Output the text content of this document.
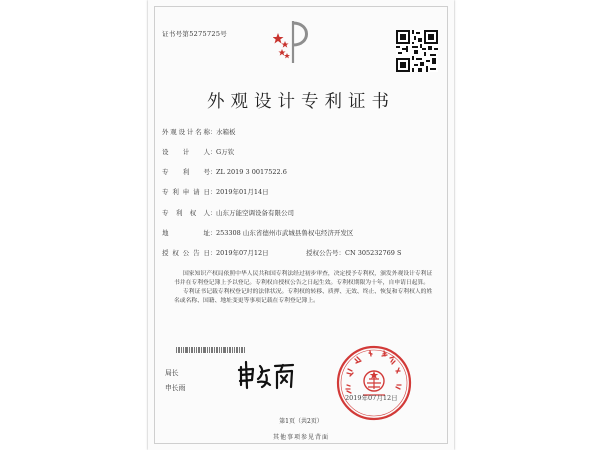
证书号第5275725号
外观设计专利证书
外观设计名称：水箱板
设计人：G万钦
专利号：ZL 2019 3 0017522.6
专利申请日：2019年01月14日
专利权人：山东万能空调设备有限公司
地址：253308 山东省德州市武城县鲁权屯经济开发区
授权公告日：2019年07月12日	授权公告号：CN 305232769 S

国家知识产权局依照中华人民共和国专利法经过初步审查，决定授予专利权，颁发外观设计专利证书并在专利登记簿上予以登记。专利权自授权公告之日起生效。专利权期限为十年，自申请日起算。

专利证书记载专利权登记时的法律状况。专利权的转移、质押、无效、终止、恢复和专利权人的姓名或名称、国籍、地址变更等事项记载在专利登记簿上。

局长
申长雨
2019年07月12日
第1页（共2页）
其他事项参见背面
